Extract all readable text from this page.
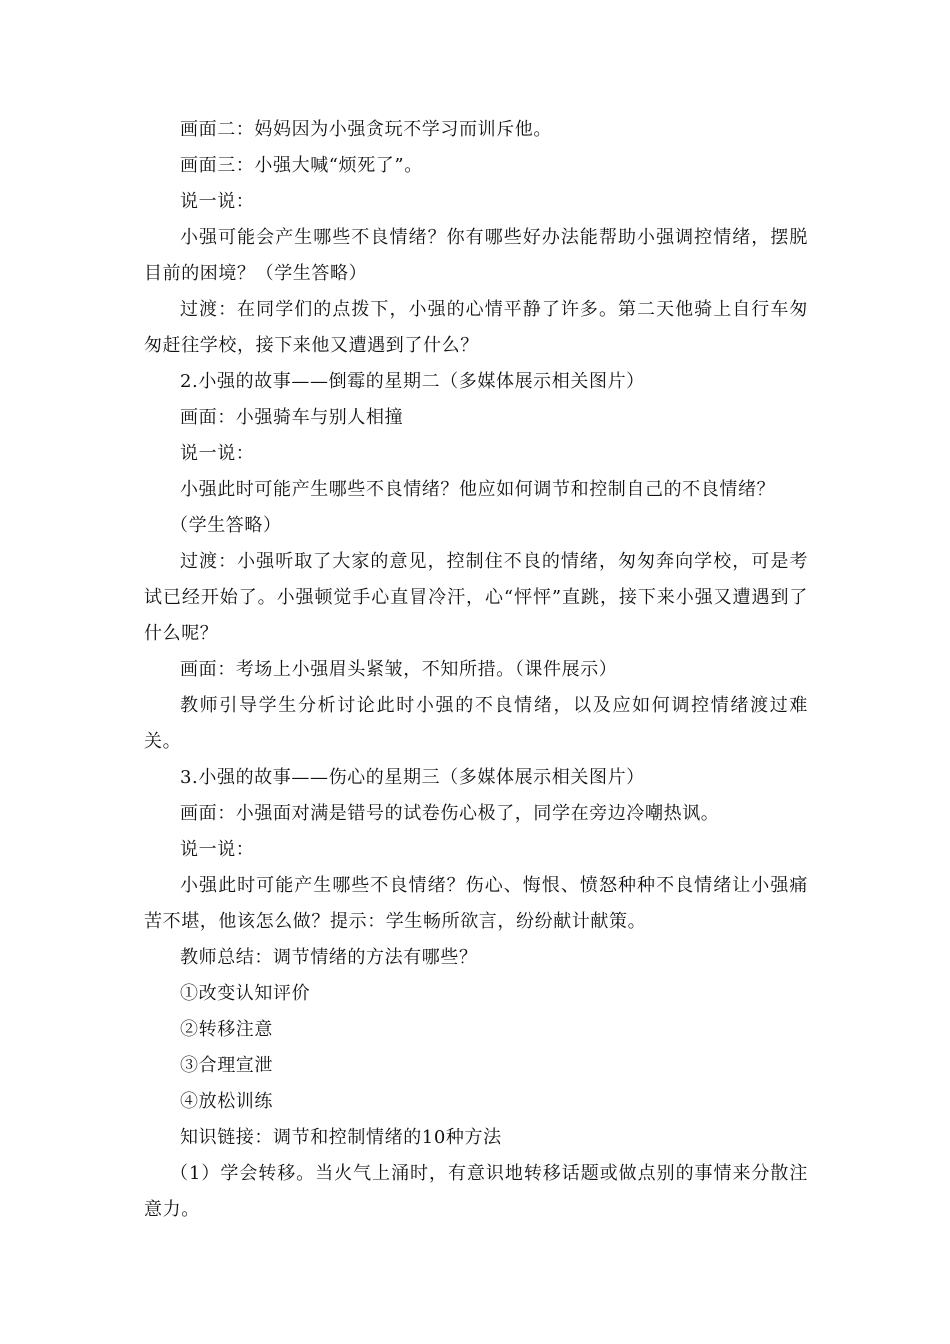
画面二：妈妈因为小强贪玩不学习而训斥他。

画面三：小强大喊“烦死了”。

说一说：

小强可能会产生哪些不良情绪？你有哪些好办法能帮助小强调控情绪，摆脱目前的困境？（学生答略）

过渡：在同学们的点拨下，小强的心情平静了许多。第二天他骑上自行车匆匆赶往学校，接下来他又遭遇到了什么？

2.小强的故事——倒霉的星期二（多媒体展示相关图片）

画面：小强骑车与别人相撞

说一说：

小强此时可能产生哪些不良情绪？他应如何调节和控制自己的不良情绪？

（学生答略）

过渡：小强听取了大家的意见，控制住不良的情绪，匆匆奔向学校，可是考试已经开始了。小强顿觉手心直冒冷汗，心“怦怦”直跳，接下来小强又遭遇到了什么呢？

画面：考场上小强眉头紧皱，不知所措。（课件展示）

教师引导学生分析讨论此时小强的不良情绪，以及应如何调控情绪渡过难关。

3.小强的故事——伤心的星期三（多媒体展示相关图片）

画面：小强面对满是错号的试卷伤心极了，同学在旁边冷嘲热讽。

说一说：

小强此时可能产生哪些不良情绪？伤心、悔恨、愤怒种种不良情绪让小强痛苦不堪，他该怎么做？提示：学生畅所欲言，纷纷献计献策。

教师总结：调节情绪的方法有哪些？

①改变认知评价

②转移注意

③合理宣泄

④放松训练

知识链接：调节和控制情绪的10种方法

（1）学会转移。当火气上涌时，有意识地转移话题或做点别的事情来分散注意力。
